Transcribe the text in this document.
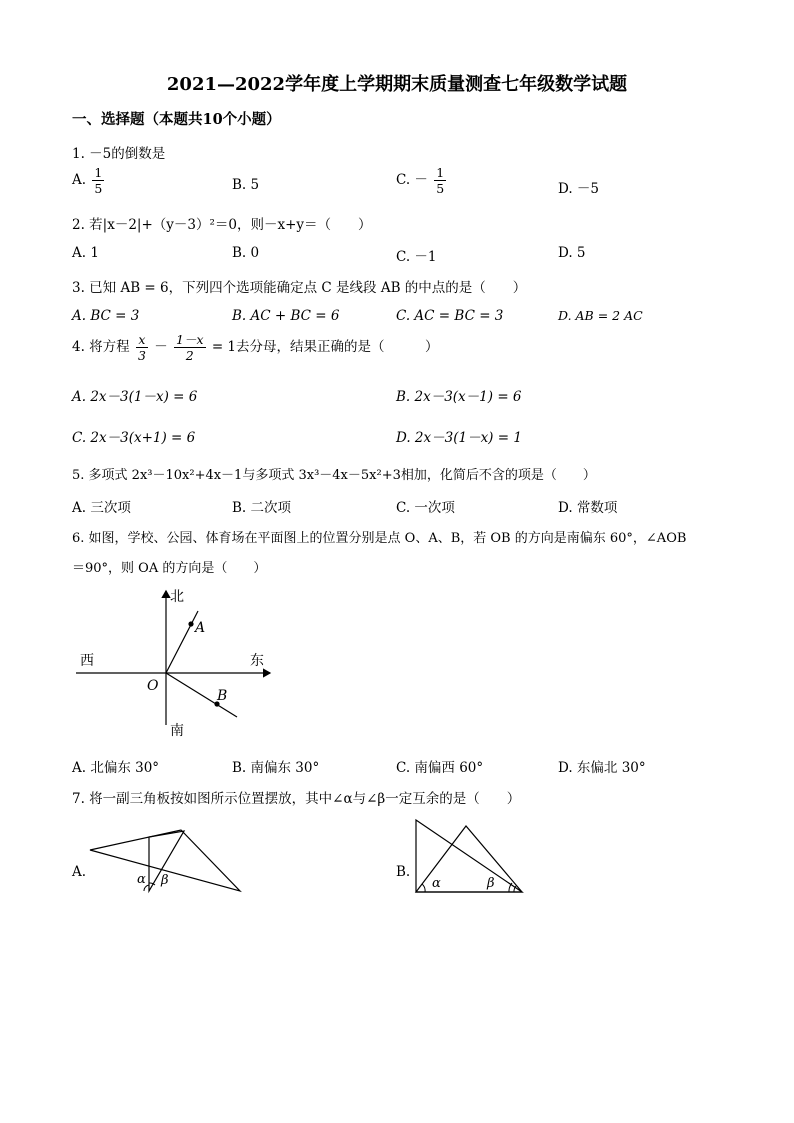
2021—2022学年度上学期期末质量测查七年级数学试题
一、选择题（本题共10个小题）
1. －5的倒数是
A. $\frac{1}{5}$	B. 5	C. － $\frac{1}{5}$	D. －5
2. 若|x－2|+（y－3）²＝0，则－x+y＝（　　）
A. 1	B. 0	C. －1	D. 5
3. 已知 AB = 6，下列四个选项能确定点 C 是线段 AB 的中点的是（　　）
A. BC = 3	B. AC + BC = 6	C. AC = BC = 3	D. AB = 2 AC
4. 将方程 $\frac{x}{3} - \frac{1-x}{2} = 1$去分母，结果正确的是（　　　）
A. 2x－3(1－x) = 6	B. 2x－3(x－1) = 6
C. 2x－3(x+1) = 6	D. 2x－3(1－x) = 1
5. 多项式 2x³－10x²+4x－1与多项式 3x³－4x－5x²+3相加，化简后不含的项是（　　）
A. 三次项	B. 二次项	C. 一次项	D. 常数项
6. 如图，学校、公园、体育场在平面图上的位置分别是点 O、A、B，若 OB 的方向是南偏东 60°，∠AOB
＝90°，则 OA 的方向是（　　）
北
南
东
西
O
A
B
A. 北偏东 30°	B. 南偏东 30°	C. 南偏西 60°	D. 东偏北 30°
7. 将一副三角板按如图所示位置摆放，其中∠α与∠β一定互余的是（　　）
A.	α β
B.
α	β
